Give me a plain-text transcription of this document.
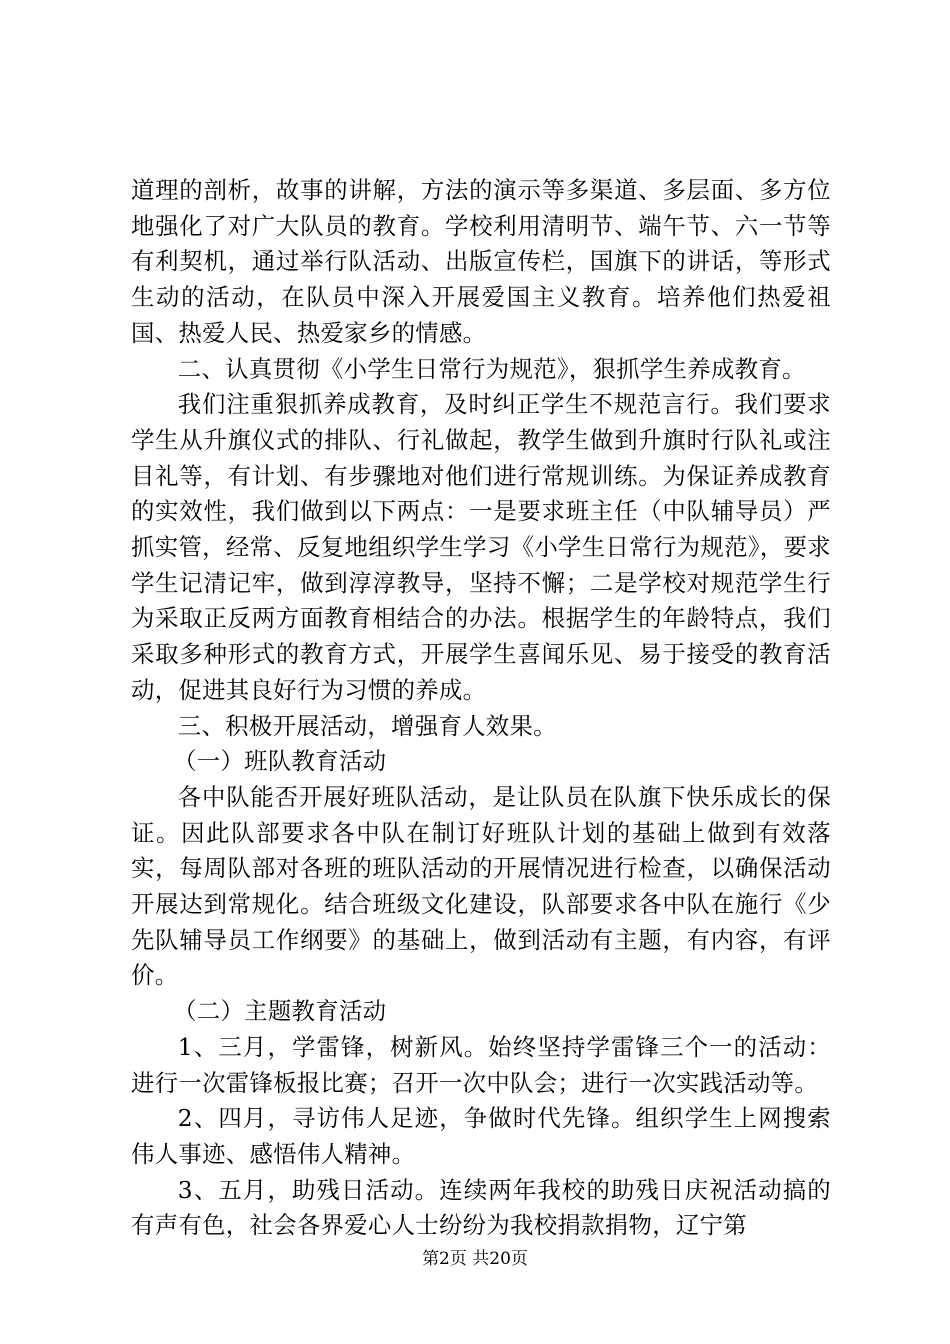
道理的剖析，故事的讲解，方法的演示等多渠道、多层面、多方位地强化了对广大队员的教育。学校利用清明节、端午节、六一节等有利契机，通过举行队活动、出版宣传栏，国旗下的讲话，等形式生动的活动，在队员中深入开展爱国主义教育。培养他们热爱祖国、热爱人民、热爱家乡的情感。

二、认真贯彻《小学生日常行为规范》，狠抓学生养成教育。

我们注重狠抓养成教育，及时纠正学生不规范言行。我们要求学生从升旗仪式的排队、行礼做起，教学生做到升旗时行队礼或注目礼等，有计划、有步骤地对他们进行常规训练。为保证养成教育的实效性，我们做到以下两点：一是要求班主任（中队辅导员）严抓实管，经常、反复地组织学生学习《小学生日常行为规范》，要求学生记清记牢，做到淳淳教导，坚持不懈；二是学校对规范学生行为采取正反两方面教育相结合的办法。根据学生的年龄特点，我们采取多种形式的教育方式，开展学生喜闻乐见、易于接受的教育活动，促进其良好行为习惯的养成。

三、积极开展活动，增强育人效果。

（一）班队教育活动

各中队能否开展好班队活动，是让队员在队旗下快乐成长的保证。因此队部要求各中队在制订好班队计划的基础上做到有效落实，每周队部对各班的班队活动的开展情况进行检查，以确保活动开展达到常规化。结合班级文化建设，队部要求各中队在施行《少先队辅导员工作纲要》的基础上，做到活动有主题，有内容，有评价。

（二）主题教育活动

1、三月，学雷锋，树新风。始终坚持学雷锋三个一的活动：进行一次雷锋板报比赛；召开一次中队会；进行一次实践活动等。

2、四月，寻访伟人足迹，争做时代先锋。组织学生上网搜索伟人事迹、感悟伟人精神。

3、五月，助残日活动。连续两年我校的助残日庆祝活动搞的有声有色，社会各界爱心人士纷纷为我校捐款捐物，辽宁第

第2页 共20页
